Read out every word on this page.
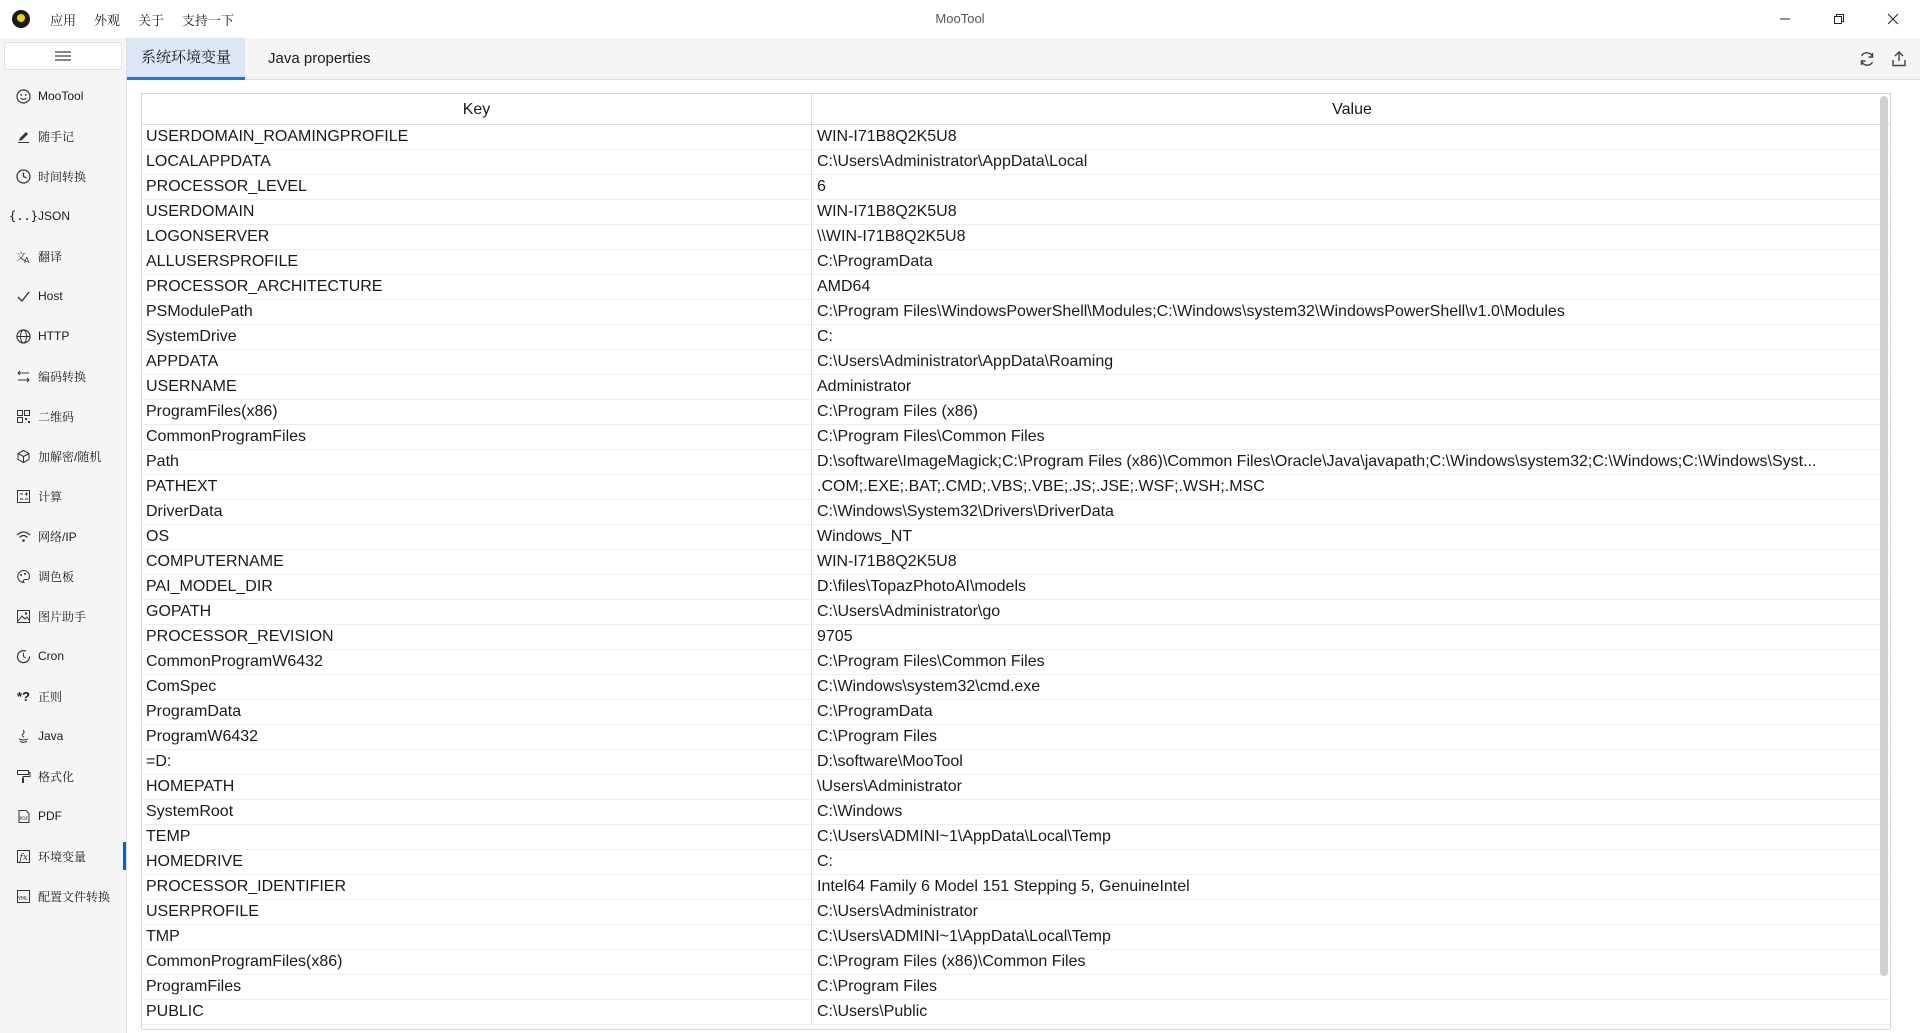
应用 外观 关于 支持一下	MooTool
MooTool
随手记
时间转换
{..} JSON
文
A 翻译
Host
HTTP
编码转换
二维码
加解密/随机
计算
网络/IP
调色板
图片助手
Cron
*? 正则
Java
格式化
PDF PDF
fx 环境变量
YML 配置文件转换
系统环境变量	Java properties
Key	Value
USERDOMAIN_ROAMINGPROFILE	WIN-I71B8Q2K5U8
LOCALAPPDATA	C:\Users\Administrator\AppData\Local
PROCESSOR_LEVEL	6
USERDOMAIN	WIN-I71B8Q2K5U8
LOGONSERVER	\\WIN-I71B8Q2K5U8
ALLUSERSPROFILE	C:\ProgramData
PROCESSOR_ARCHITECTURE	AMD64
PSModulePath	C:\Program Files\WindowsPowerShell\Modules;C:\Windows\system32\WindowsPowerShell\v1.0\Modules
SystemDrive	C:
APPDATA	C:\Users\Administrator\AppData\Roaming
USERNAME	Administrator
ProgramFiles(x86)	C:\Program Files (x86)
CommonProgramFiles	C:\Program Files\Common Files
Path	D:\software\ImageMagick;C:\Program Files (x86)\Common Files\Oracle\Java\javapath;C:\Windows\system32;C:\Windows;C:\Windows\Syst...
PATHEXT	.COM;.EXE;.BAT;.CMD;.VBS;.VBE;.JS;.JSE;.WSF;.WSH;.MSC
DriverData	C:\Windows\System32\Drivers\DriverData
OS	Windows_NT
COMPUTERNAME	WIN-I71B8Q2K5U8
PAI_MODEL_DIR	D:\files\TopazPhotoAI\models
GOPATH	C:\Users\Administrator\go
PROCESSOR_REVISION	9705
CommonProgramW6432	C:\Program Files\Common Files
ComSpec	C:\Windows\system32\cmd.exe
ProgramData	C:\ProgramData
ProgramW6432	C:\Program Files
=D:	D:\software\MooTool
HOMEPATH	\Users\Administrator
SystemRoot	C:\Windows
TEMP	C:\Users\ADMINI~1\AppData\Local\Temp
HOMEDRIVE	C:
PROCESSOR_IDENTIFIER	Intel64 Family 6 Model 151 Stepping 5, GenuineIntel
USERPROFILE	C:\Users\Administrator
TMP	C:\Users\ADMINI~1\AppData\Local\Temp
CommonProgramFiles(x86)	C:\Program Files (x86)\Common Files
ProgramFiles	C:\Program Files
PUBLIC	C:\Users\Public
